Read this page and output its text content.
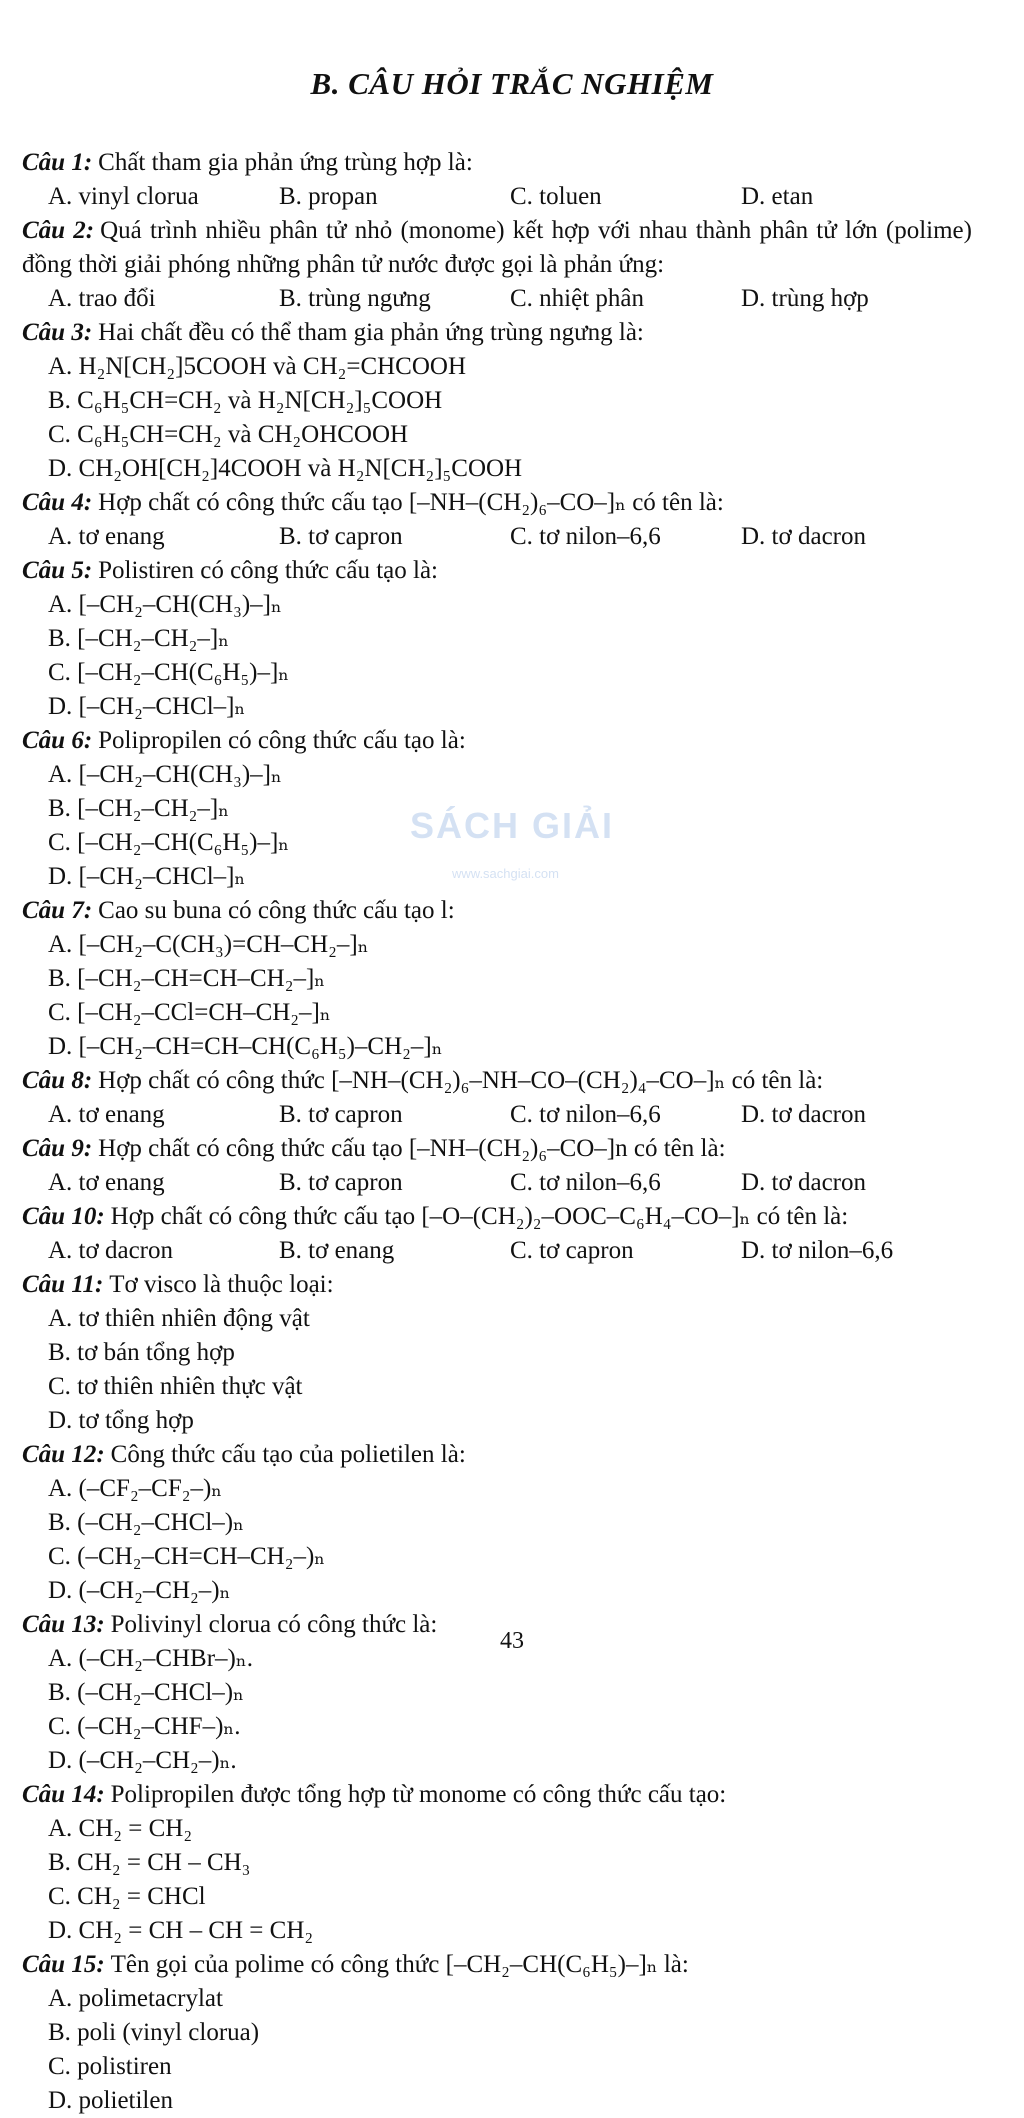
B. CÂU HỎI TRẮC NGHIỆM
Câu 1: Chất tham gia phản ứng trùng hợp là:
A. vinyl clorua	B. propan	C. toluen	D. etan
Câu 2: Quá trình nhiều phân tử nhỏ (monome) kết hợp với nhau thành phân tử lớn (polime) đồng thời giải phóng những phân tử nước được gọi là phản ứng:
A. trao đổi	B. trùng ngưng	C. nhiệt phân	D. trùng hợp
Câu 3: Hai chất đều có thể tham gia phản ứng trùng ngưng là:
A. H₂N[CH₂]5COOH và CH₂=CHCOOH
B. C₆H₅CH=CH₂ và H₂N[CH₂]₅COOH
C. C₆H₅CH=CH₂ và CH₂OHCOOH
D. CH₂OH[CH₂]4COOH và H₂N[CH₂]₅COOH
Câu 4: Hợp chất có công thức cấu tạo [–NH–(CH₂)₆–CO–]ₙ có tên là:
A. tơ enang	B. tơ capron	C. tơ nilon–6,6	D. tơ dacron
Câu 5: Polistiren có công thức cấu tạo là:
A. [–CH₂–CH(CH₃)–]ₙ
B. [–CH₂–CH₂–]ₙ
C. [–CH₂–CH(C₆H₅)–]ₙ
D. [–CH₂–CHCl–]ₙ
Câu 6: Polipropilen có công thức cấu tạo là:
A. [–CH₂–CH(CH₃)–]ₙ
B. [–CH₂–CH₂–]ₙ
C. [–CH₂–CH(C₆H₅)–]ₙ
D. [–CH₂–CHCl–]ₙ
Câu 7: Cao su buna có công thức cấu tạo l:
A. [–CH₂–C(CH₃)=CH–CH₂–]ₙ
B. [–CH₂–CH=CH–CH₂–]ₙ
C. [–CH₂–CCl=CH–CH₂–]ₙ
D. [–CH₂–CH=CH–CH(C₆H₅)–CH₂–]ₙ
Câu 8: Hợp chất có công thức [–NH–(CH₂)₆–NH–CO–(CH₂)₄–CO–]ₙ có tên là:
A. tơ enang	B. tơ capron	C. tơ nilon–6,6	D. tơ dacron
Câu 9: Hợp chất có công thức cấu tạo [–NH–(CH₂)₆–CO–]n có tên là:
A. tơ enang	B. tơ capron	C. tơ nilon–6,6	D. tơ dacron
Câu 10: Hợp chất có công thức cấu tạo [–O–(CH₂)₂–OOC–C₆H₄–CO–]ₙ có tên là:
A. tơ dacron	B. tơ enang	C. tơ capron	D. tơ nilon–6,6
Câu 11: Tơ visco là thuộc loại:
A. tơ thiên nhiên động vật
B. tơ bán tổng hợp
C. tơ thiên nhiên thực vật
D. tơ tổng hợp
Câu 12: Công thức cấu tạo của polietilen là:
A. (–CF₂–CF₂–)ₙ
B. (–CH₂–CHCl–)ₙ
C. (–CH₂–CH=CH–CH₂–)ₙ
D. (–CH₂–CH₂–)ₙ
Câu 13: Polivinyl clorua có công thức là:
A. (–CH₂–CHBr–)ₙ.
B. (–CH₂–CHCl–)ₙ
C. (–CH₂–CHF–)ₙ.
D. (–CH₂–CH₂–)ₙ.
Câu 14: Polipropilen được tổng hợp từ monome có công thức cấu tạo:
A. CH₂ = CH₂
B. CH₂ = CH – CH₃
C. CH₂ = CHCl
D. CH₂ = CH – CH = CH₂
Câu 15: Tên gọi của polime có công thức [–CH₂–CH(C₆H₅)–]ₙ là:
A. polimetacrylat
B. poli (vinyl clorua)
C. polistiren
D. polietilen
SÁCH GIẢI
www.sachgiai.com
43
